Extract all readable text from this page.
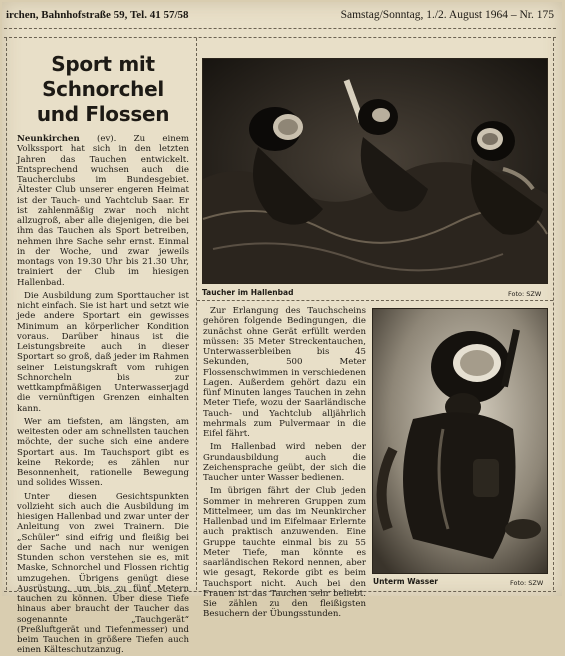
irchen, Bahnhofstraße 59, Tel. 41 57/58	Samstag/Sonntag, 1./2. August 1964 – Nr. 175
Sport mit
Schnorchel
und Flossen

Neunkirchen (ev). Zu einem Volkssport hat sich in den letzten Jahren das Tauchen entwickelt. Entsprechend wuchsen auch die Taucherclubs im Bundesgebiet. Ältester Club unserer engeren Heimat ist der Tauch- und Yachtclub Saar. Er ist zahlenmäßig zwar noch nicht allzugroß, aber alle diejenigen, die bei ihm das Tauchen als Sport betreiben, nehmen ihre Sache sehr ernst. Einmal in der Woche, und zwar jeweils montags von 19.30 Uhr bis 21.30 Uhr, trainiert der Club im hiesigen Hallenbad.

Die Ausbildung zum Sporttaucher ist nicht einfach. Sie ist hart und setzt wie jede andere Sportart ein gewisses Minimum an körperlicher Kondition voraus. Darüber hinaus ist die Leistungsbreite auch in dieser Sportart so groß, daß jeder im Rahmen seiner Leistungskraft vom ruhigen Schnorcheln bis zur wettkampfmäßigen Unterwasserjagd die vernünftigen Grenzen einhalten kann.

Wer am tiefsten, am längsten, am weitesten oder am schnellsten tauchen möchte, der suche sich eine andere Sportart aus. Im Tauchsport gibt es keine Rekorde; es zählen nur Besonnenheit, rationelle Bewegung und solides Wissen.

Unter diesen Gesichtspunkten vollzieht sich auch die Ausbildung im hiesigen Hallenbad und zwar unter der Anleitung von zwei Trainern. Die „Schüler“ sind eifrig und fleißig bei der Sache und nach nur wenigen Stunden schon verstehen sie es, mit Maske, Schnorchel und Flossen richtig umzugehen. Übrigens genügt diese Ausrüstung, um bis zu fünf Metern tauchen zu können. Über diese Tiefe hinaus aber braucht der Taucher das sogenannte „Tauchgerät“ (Preßluftgerät und Tiefenmesser) und beim Tauchen in größere Tiefen auch einen Kälteschutzanzug.

Taucher im Hallenbad	Foto: SZW

Zur Erlangung des Tauchscheins gehören folgende Bedingungen, die zunächst ohne Gerät erfüllt werden müssen: 35 Meter Streckentauchen, Unterwasserbleiben bis 45 Sekunden, 500 Meter Flossenschwimmen in verschiedenen Lagen. Außerdem gehört dazu ein fünf Minuten langes Tauchen in zehn Meter Tiefe, wozu der Saarländische Tauch- und Yachtclub alljährlich mehrmals zum Pulvermaar in die Eifel fährt.

Im Hallenbad wird neben der Grundausbildung auch die Zeichensprache geübt, der sich die Taucher unter Wasser bedienen.

Im übrigen fährt der Club jeden Sommer in mehreren Gruppen zum Mittelmeer, um das im Neunkircher Hallenbad und im Eifelmaar Erlernte auch praktisch anzuwenden. Eine Gruppe tauchte einmal bis zu 55 Meter Tiefe, man könnte es saarländischen Rekord nennen, aber wie gesagt, Rekorde gibt es beim Tauchsport nicht. Auch bei den Frauen ist das Tauchen sehr beliebt. Sie zählen zu den fleißigsten Besuchern der Übungsstunden.

Unterm Wasser	Foto: SZW
